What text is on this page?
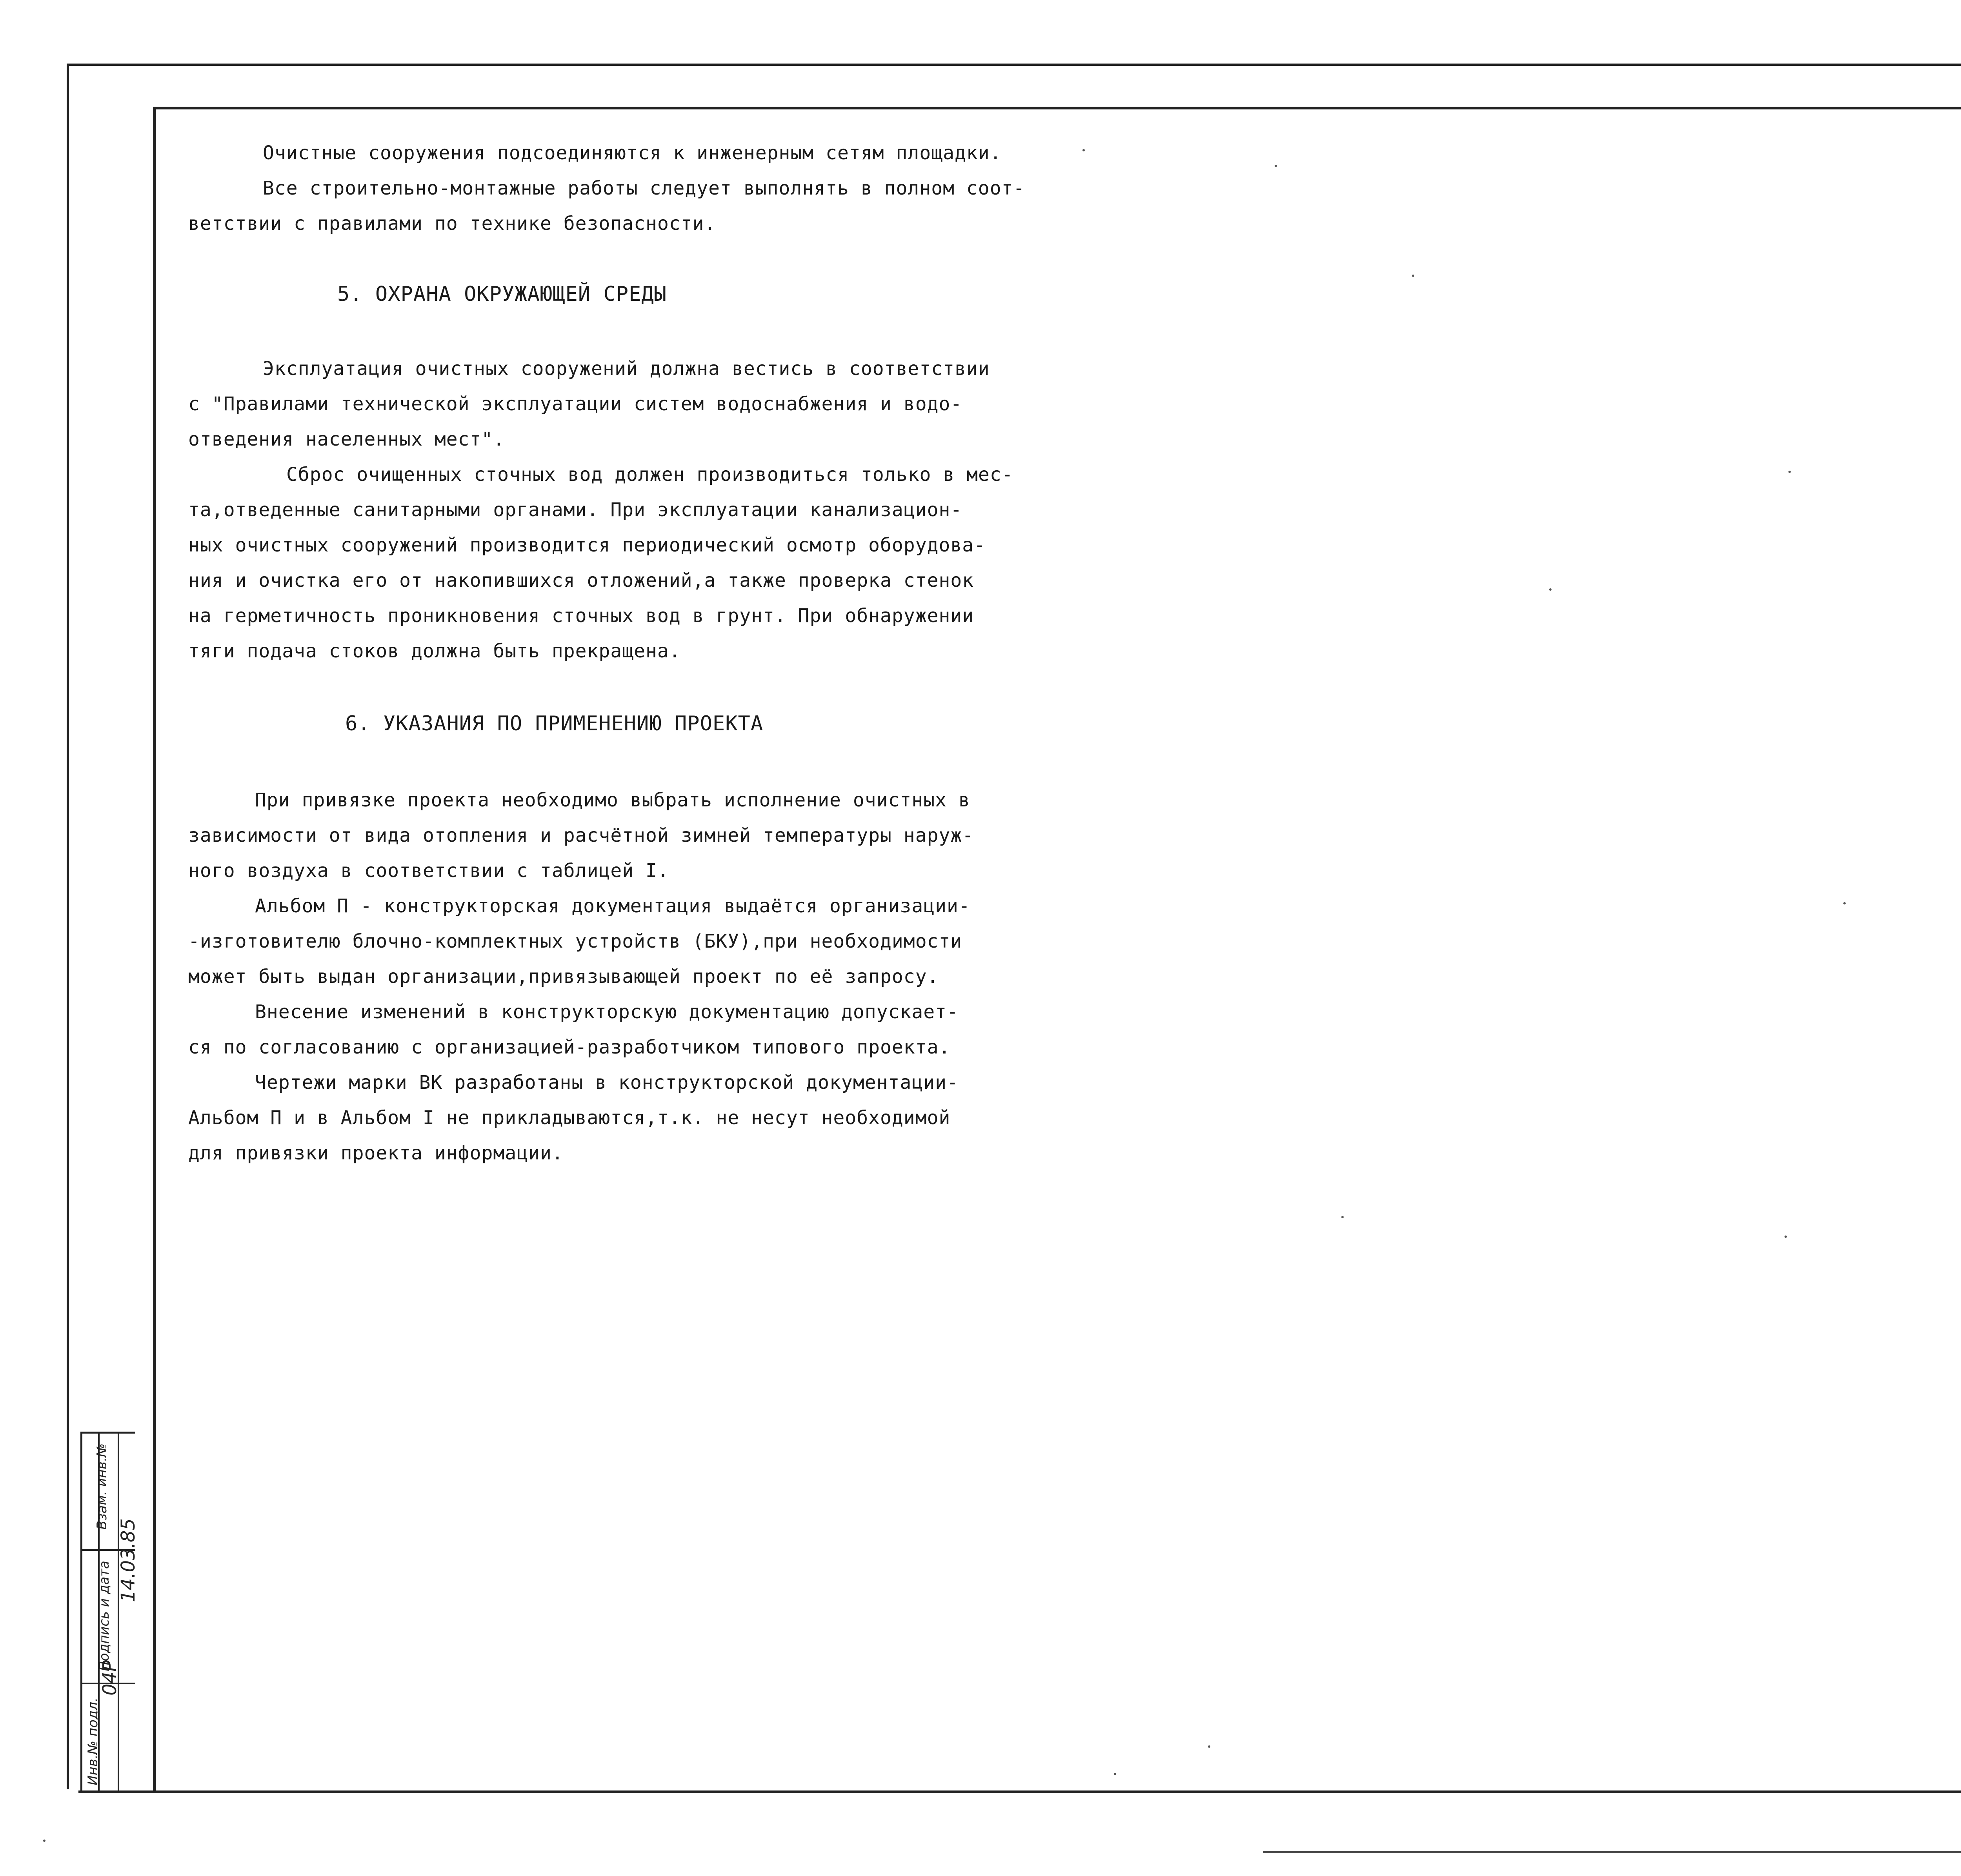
Очистные сооружения подсоединяются к инженерным сетям площадки.
Все строительно-монтажные работы следует выполнять в полном соот-
ветствии с правилами по технике безопасности.
5. ОХРАНА ОКРУЖАЮЩЕЙ СРЕДЫ
Эксплуатация очистных сооружений должна вестись в соответствии
с "Правилами технической эксплуатации систем водоснабжения и водо-
отведения населенных мест".
Сброс очищенных сточных вод должен производиться только в мес-
та,отведенные санитарными органами. При эксплуатации канализацион-
ных очистных сооружений производится периодический осмотр оборудова-
ния и очистка его от накопившихся отложений,а также проверка стенок
на герметичность проникновения сточных вод в грунт. При обнаружении
тяги подача стоков должна быть прекращена.
6. УКАЗАНИЯ ПО ПРИМЕНЕНИЮ ПРОЕКТА
При привязке проекта необходимо выбрать исполнение очистных в
зависимости от вида отопления и расчётной зимней температуры наруж-
ного воздуха в соответствии с таблицей I.
Альбом П - конструкторская документация выдаётся организации-
-изготовителю блочно-комплектных устройств (БКУ),при необходимости
может быть выдан организации,привязывающей проект по её запросу.
Внесение изменений в конструкторскую документацию допускает-
ся по согласованию с организацией-разработчиком типового проекта.
Чертежи марки ВК разработаны в конструкторской документации-
Альбом П и в Альбом I не прикладываются,т.к. не несут необходимой
для привязки проекта информации.
Инв.№ подл.
04Р
Подпись и дата
14.03.85
Взам. инв.№
